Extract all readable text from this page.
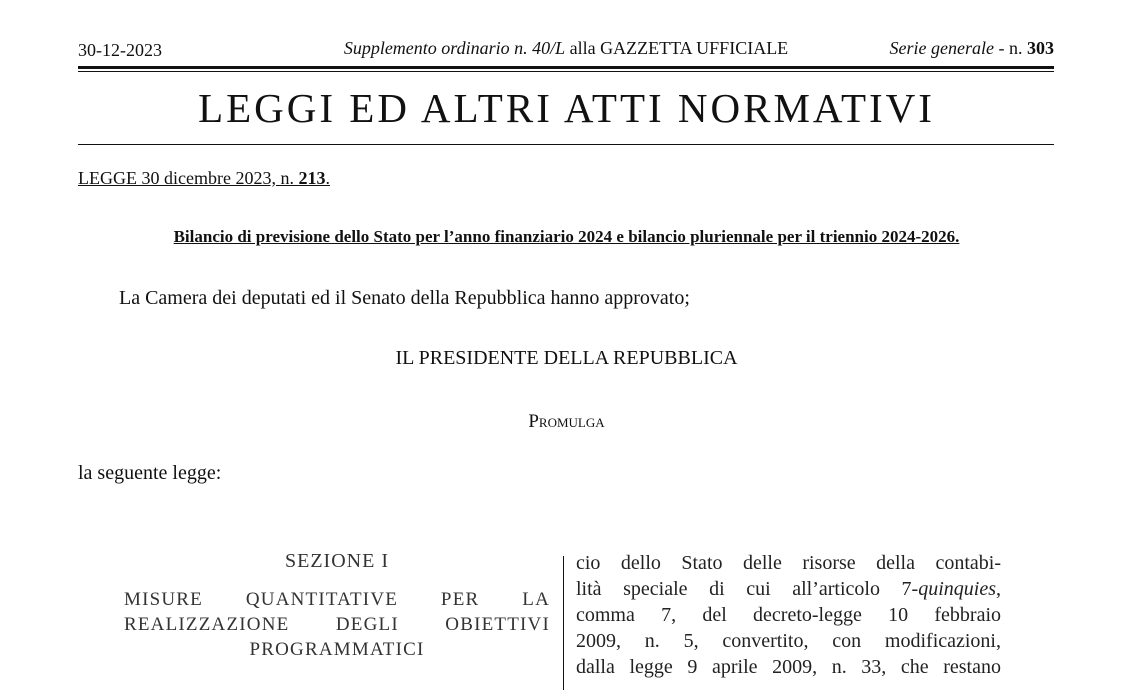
30-12-2023	Supplemento ordinario n. 40/L alla GAZZETTA UFFICIALE	Serie generale - n. 303
LEGGI ED ALTRI ATTI NORMATIVI
LEGGE 30 dicembre 2023, n. 213.
Bilancio di previsione dello Stato per l’anno finanziario 2024 e bilancio pluriennale per il triennio 2024-2026.
La Camera dei deputati ed il Senato della Repubblica hanno approvato;
IL PRESIDENTE DELLA REPUBBLICA
Promulga
la seguente legge:
SEZIONE I
MISURE QUANTITATIVE PER LA REALIZZAZIONE DEGLI OBIETTIVI PROGRAMMATICI
cio dello Stato delle risorse della contabi-
lità speciale di cui all’articolo 7-quinquies,
comma 7, del decreto-legge 10 febbraio
2009, n. 5, convertito, con modificazioni,
dalla legge 9 aprile 2009, n. 33, che restano
